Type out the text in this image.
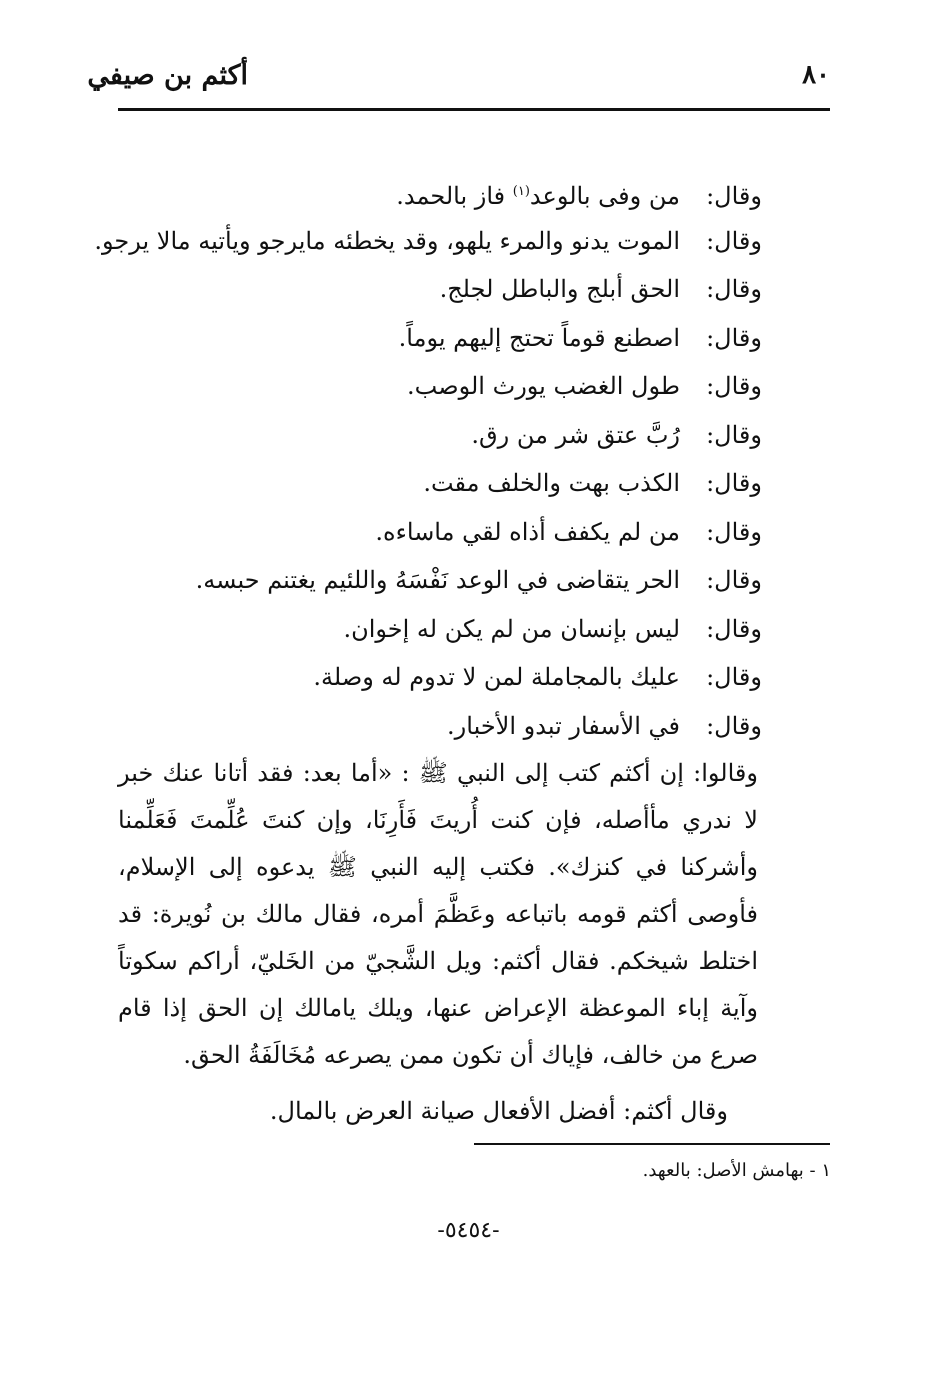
٨٠
أكثم بن صيفي
وقال:من وفى بالوعد$^{(١)}$ فاز بالحمد.
وقال:الموت يدنو والمرء يلهو، وقد يخطئه مايرجو ويأتيه مالا يرجو.
وقال:الحق أبلج والباطل لجلج.
وقال:اصطنع قوماً تحتج إليهم يوماً.
وقال:طول الغضب يورث الوصب.
وقال:رُبَّ عتق شر من رق.
وقال:الكذب بهت والخلف مقت.
وقال:من لم يكفف أذاه لقي ماساءه.
وقال:الحر يتقاضى في الوعد نَفْسَهُ واللئيم يغتنم حبسه.
وقال:ليس بإنسان من لم يكن له إخوان.
وقال:عليك بالمجاملة لمن لا تدوم له وصلة.
وقال:في الأسفار تبدو الأخبار.
وقالوا: إن أكثم كتب إلى النبي ﷺ : «أما بعد: فقد أتانا عنك خبر لا ندري مأأصله، فإن كنت أُريتَ فَأَرِنَا، وإن كنتَ عُلِّمتَ فَعَلِّمنا وأشركنا في كنزك». فكتب إليه النبي ﷺ يدعوه إلى الإسلام، فأوصى أكثم قومه باتباعه وعَظَّمَ أمره، فقال مالك بن نُويرة: قد اختلط شيخكم. فقال أكثم: ويل الشَّجيّ من الخَليّ، أراكم سكوتاً وآية إباء الموعظة الإعراض عنها، ويلك يامالك إن الحق إذا قام صرع من خالف، فإياك أن تكون ممن يصرعه مُخَالَفَةُ الحق.
وقال أكثم: أفضل الأفعال صيانة العرض بالمال.
١ - بهامش الأصل: بالعهد.
-٥٤٥٤-
